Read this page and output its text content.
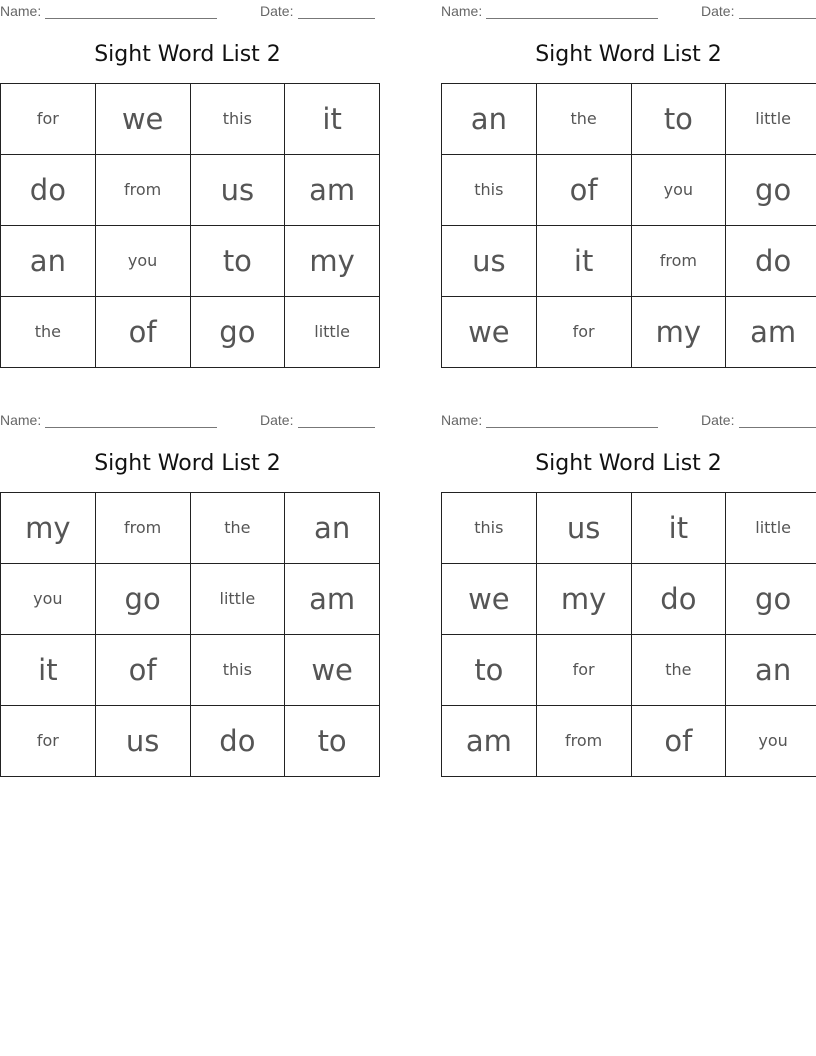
Name:	Date:
Sight Word List 2
for	we	this	it
do	from	us	am
an	you	to	my
the	of	go	little
Name:	Date:
Sight Word List 2
an	the	to	little
this	of	you	go
us	it	from	do
we	for	my	am
Name:	Date:
Sight Word List 2
my	from	the	an
you	go	little	am
it	of	this	we
for	us	do	to
Name:	Date:
Sight Word List 2
this	us	it	little
we	my	do	go
to	for	the	an
am	from	of	you
